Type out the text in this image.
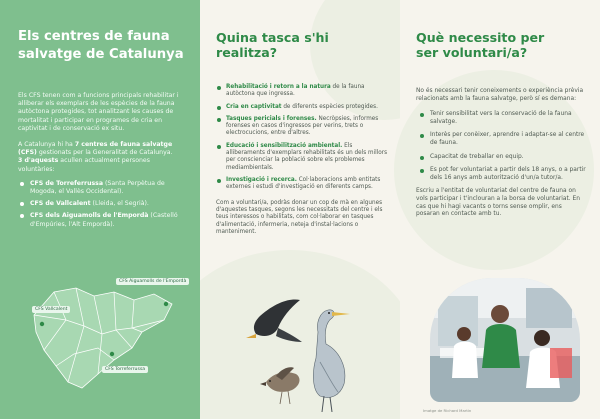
Els centres de fauna salvatge de Catalunya
Els CFS tenen com a funcions principals rehabilitar i alliberar els exemplars de les espècies de la fauna autòctona protegides, tot analitzant les causes de mortalitat i participar en programes de cria en captivitat i de conservació ex situ.
A Catalunya hi ha 7 centres de fauna salvatge (CFS) gestionats per la Generalitat de Catalunya.
3 d'aquests acullen actualment persones voluntàries:
CFS de Torreferrussa (Santa Perpètua de Mogoda, el Vallès Occidental).
CFS de Vallcalent (Lleida, el Segrià).
CFS dels Aiguamolls de l'Empordà (Castelló d'Empúries, l'Alt Empordà).
CFS Aiguamolls de l'Empordà
CFS Vallcalent
CFS Torreferrussa
Quina tasca s'hi
realitza?
Rehabilitació i retorn a la natura de la fauna autòctona que ingressa.
Cria en captivitat de diferents espècies protegides.
Tasques pericials i forenses. Necròpsies, informes forenses en casos d'ingressos per verins, trets o electrocucions, entre d'altres.
Educació i sensibilització ambiental. Els alliberaments d'exemplars rehabilitats és un dels millors per conscienciar la població sobre els problemes mediambientals.
Investigació i recerca. Col·laboracions amb entitats externes i estudi d'investigació en diferents camps.
Com a voluntari/a, podràs donar un cop de mà en algunes d'aquestes tasques, segons les necessitats del centre i els teus interessos o habilitats, com col·laborar en tasques d'alimentació, infermeria, neteja d'instal·lacions o manteniment.
Què necessito per
ser voluntari/a?
No és necessari tenir coneixements o experiència prèvia relacionats amb la fauna salvatge, però sí es demana:
Tenir sensibilitat vers la conservació de la fauna salvatge.
Interès per conèixer, aprendre i adaptar-se al centre de fauna.
Capacitat de treballar en equip.
Es pot fer voluntariat a partir dels 18 anys, o a partir dels 16 anys amb autorització d'un/a tutor/a.
Escriu a l'entitat de voluntariat del centre de fauna on vols participar i t'inclouran a la borsa de voluntariat. En cas que hi hagi vacants o torns sense omplir, ens posaran en contacte amb tu.
Imatge de Richard Martin
